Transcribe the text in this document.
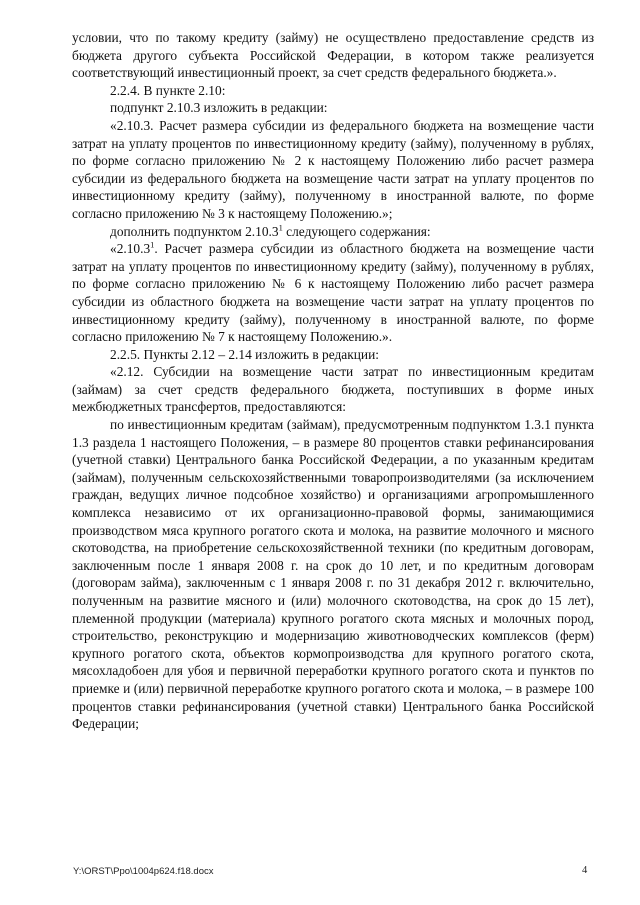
условии, что по такому кредиту (займу) не осуществлено предоставление средств из бюджета другого субъекта Российской Федерации, в котором также реализуется соответствующий инвестиционный проект, за счет средств федерального бюджета.».

2.2.4. В пункте 2.10:

подпункт 2.10.3 изложить в редакции:

«2.10.3. Расчет размера субсидии из федерального бюджета на возмещение части затрат на уплату процентов по инвестиционному кредиту (займу), полученному в рублях, по форме согласно приложению № 2 к настоящему Положению либо расчет размера субсидии из федерального бюджета на возмещение части затрат на уплату процентов по инвестиционному кредиту (займу), полученному в иностранной валюте, по форме согласно приложению № 3 к настоящему Положению.»;

дополнить подпунктом 2.10.3$^1$ следующего содержания:

«2.10.3$^1$. Расчет размера субсидии из областного бюджета на возмещение части затрат на уплату процентов по инвестиционному кредиту (займу), полученному в рублях, по форме согласно приложению № 6 к настоящему Положению либо расчет размера субсидии из областного бюджета на возмещение части затрат на уплату процентов по инвестиционному кредиту (займу), полученному в иностранной валюте, по форме согласно приложению № 7 к настоящему Положению.».

2.2.5. Пункты 2.12 – 2.14 изложить в редакции:

«2.12. Субсидии на возмещение части затрат по инвестиционным кредитам (займам) за счет средств федерального бюджета, поступивших в форме иных межбюджетных трансфертов, предоставляются:

по инвестиционным кредитам (займам), предусмотренным подпунктом 1.3.1 пункта 1.3 раздела 1 настоящего Положения, – в размере 80 процентов ставки рефинансирования (учетной ставки) Центрального банка Российской Федерации, а по указанным кредитам (займам), полученным сельскохозяйственными товаропроизводителями (за исключением граждан, ведущих личное подсобное хозяйство) и организациями агропромышленного комплекса независимо от их организационно-правовой формы, занимающимися производством мяса крупного рогатого скота и молока, на развитие молочного и мясного скотоводства, на приобретение сельскохозяйственной техники (по кредитным договорам, заключенным после 1 января 2008 г. на срок до 10 лет, и по кредитным договорам (договорам займа), заключенным с 1 января 2008 г. по 31 декабря 2012 г. включительно, полученным на развитие мясного и (или) молочного скотоводства, на срок до 15 лет), племенной продукции (материала) крупного рогатого скота мясных и молочных пород, строительство, реконструкцию и модернизацию животноводческих комплексов (ферм) крупного рогатого скота, объектов кормопроизводства для крупного рогатого скота, мясохладобоен для убоя и первичной переработки крупного рогатого скота и пунктов по приемке и (или) первичной переработке крупного рогатого скота и молока, – в размере 100 процентов ставки рефинансирования (учетной ставки) Центрального банка Российской Федерации;

Y:\ORST\Ppo\1004p624.f18.docx	4
